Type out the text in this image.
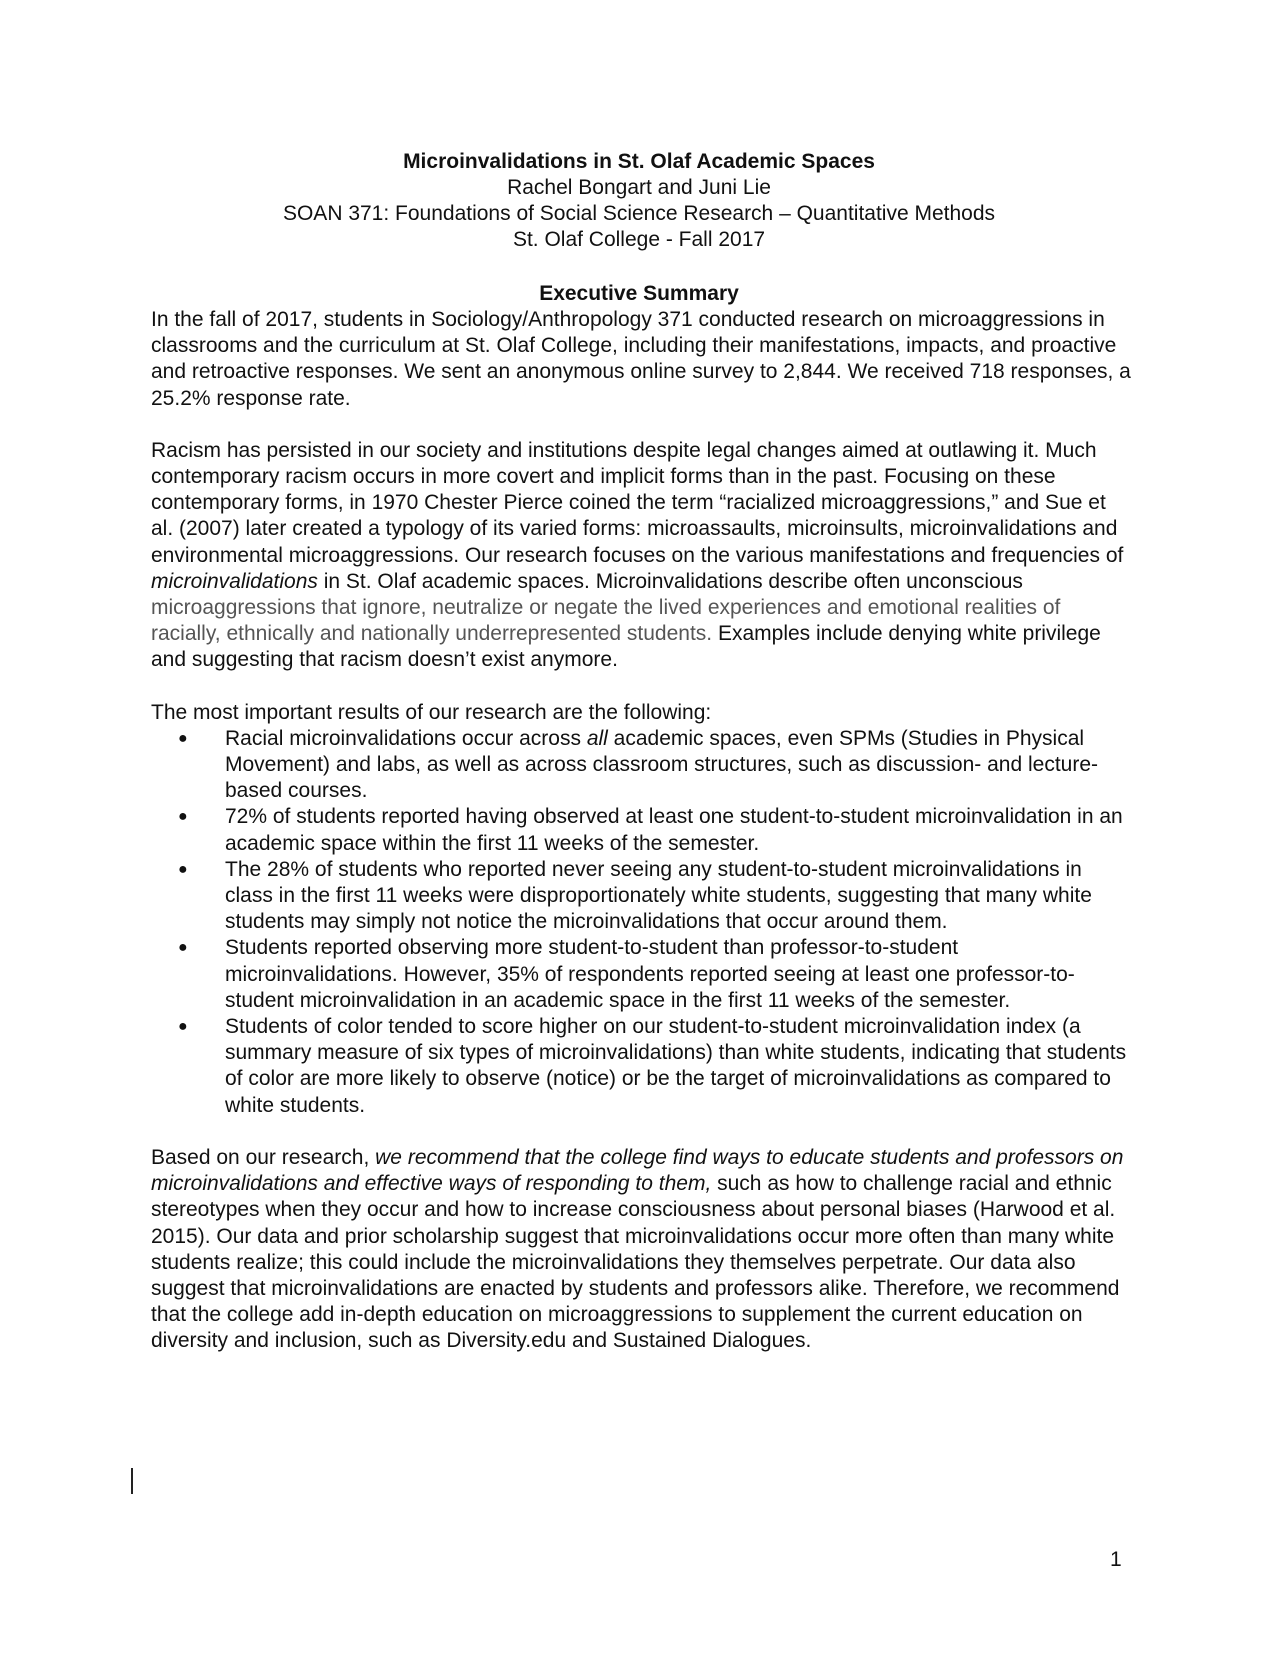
Microinvalidations in St. Olaf Academic Spaces
Rachel Bongart and Juni Lie
SOAN 371: Foundations of Social Science Research – Quantitative Methods
St. Olaf College - Fall 2017
Executive Summary

In the fall of 2017, students in Sociology/Anthropology 371 conducted research on microaggressions in classrooms and the curriculum at St. Olaf College, including their manifestations, impacts, and proactive and retroactive responses. We sent an anonymous online survey to 2,844. We received 718 responses, a 25.2% response rate.

Racism has persisted in our society and institutions despite legal changes aimed at outlawing it. Much contemporary racism occurs in more covert and implicit forms than in the past. Focusing on these contemporary forms, in 1970 Chester Pierce coined the term “racialized microaggressions,” and Sue et al. (2007) later created a typology of its varied forms: microassaults, microinsults, microinvalidations and environmental microaggressions. Our research focuses on the various manifestations and frequencies of microinvalidations in St. Olaf academic spaces. Microinvalidations describe often unconscious microaggressions that ignore, neutralize or negate the lived experiences and emotional realities of racially, ethnically and nationally underrepresented students. Examples include denying white privilege and suggesting that racism doesn’t exist anymore.

The most important results of our research are the following:

● Racial microinvalidations occur across all academic spaces, even SPMs (Studies in Physical Movement) and labs, as well as across classroom structures, such as discussion- and lecture-based courses.
● 72% of students reported having observed at least one student-to-student microinvalidation in an academic space within the first 11 weeks of the semester.
● The 28% of students who reported never seeing any student-to-student microinvalidations in class in the first 11 weeks were disproportionately white students, suggesting that many white students may simply not notice the microinvalidations that occur around them.
● Students reported observing more student-to-student than professor-to-student microinvalidations. However, 35% of respondents reported seeing at least one professor-to-student microinvalidation in an academic space in the first 11 weeks of the semester.
● Students of color tended to score higher on our student-to-student microinvalidation index (a summary measure of six types of microinvalidations) than white students, indicating that students of color are more likely to observe (notice) or be the target of microinvalidations as compared to white students.

Based on our research, we recommend that the college find ways to educate students and professors on microinvalidations and effective ways of responding to them, such as how to challenge racial and ethnic stereotypes when they occur and how to increase consciousness about personal biases (Harwood et al. 2015). Our data and prior scholarship suggest that microinvalidations occur more often than many white students realize; this could include the microinvalidations they themselves perpetrate. Our data also suggest that microinvalidations are enacted by students and professors alike. Therefore, we recommend that the college add in-depth education on microaggressions to supplement the current education on diversity and inclusion, such as Diversity.edu and Sustained Dialogues.

1
